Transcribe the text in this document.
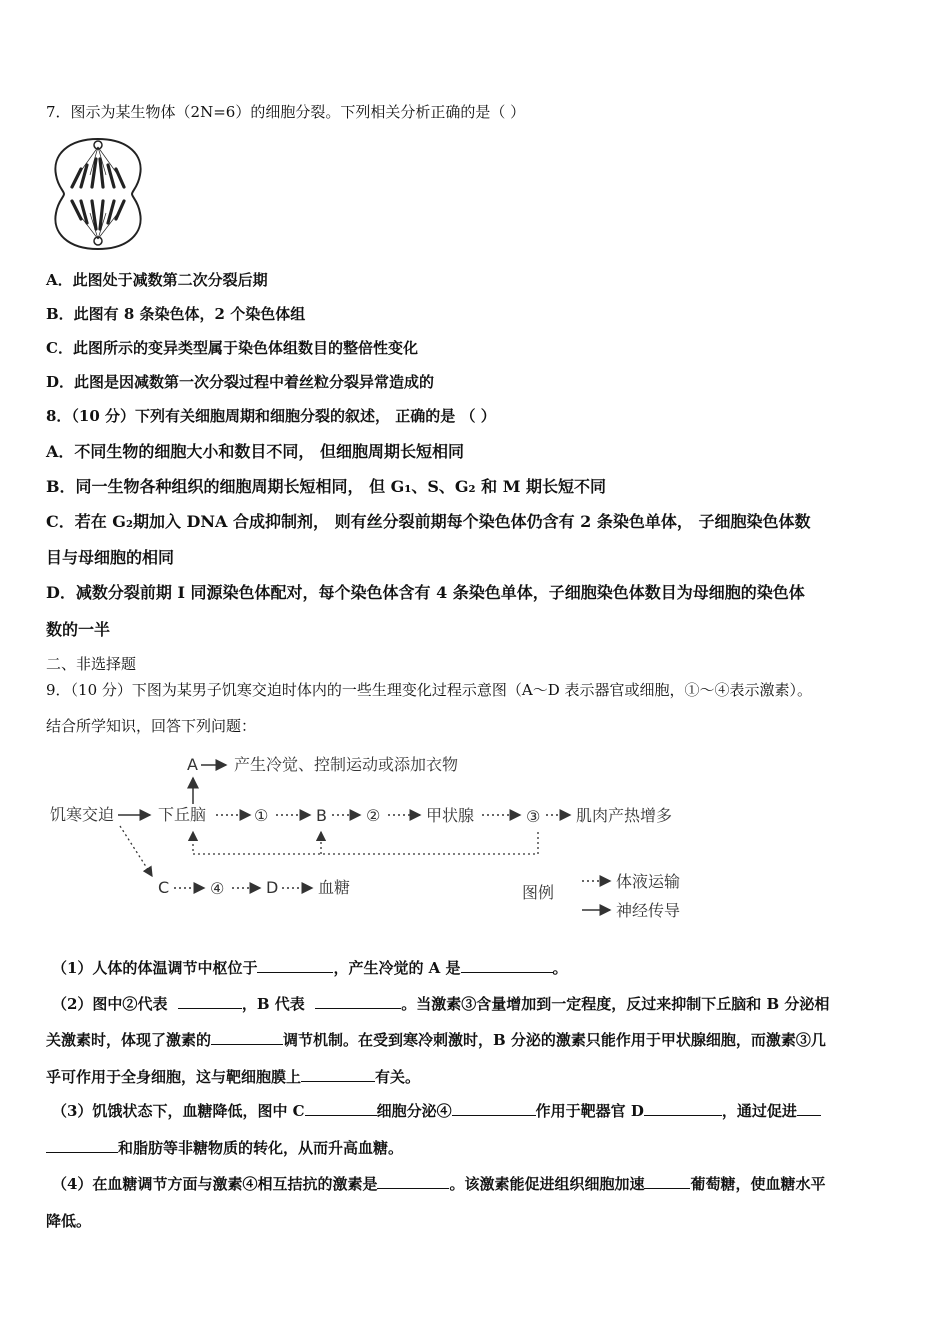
7．图示为某生物体（2N=6）的细胞分裂。下列相关分析正确的是（ ）
A．此图处于减数第二次分裂后期
B．此图有 8 条染色体，2 个染色体组
C．此图所示的变异类型属于染色体组数目的整倍性变化
D．此图是因减数第一次分裂过程中着丝粒分裂异常造成的
8．（10 分）下列有关细胞周期和细胞分裂的叙述， 正确的是 （ ）
A．不同生物的细胞大小和数目不同， 但细胞周期长短相同
B．同一生物各种组织的细胞周期长短相同， 但 G₁、S、G₂ 和 M 期长短不同
C．若在 G₂期加入 DNA 合成抑制剂， 则有丝分裂前期每个染色体仍含有 2 条染色单体， 子细胞染色体数
目与母细胞的相同
D．减数分裂前期 I 同源染色体配对，每个染色体含有 4 条染色单体，子细胞染色体数目为母细胞的染色体
数的一半
二、非选择题
9．（10 分）下图为某男子饥寒交迫时体内的一些生理变化过程示意图（A～D 表示器官或细胞，①～④表示激素）。
结合所学知识，回答下列问题：
A 产生冷觉、控制运动或添加衣物
饥寒交迫	下丘脑	①	B ②	甲状腺	③ 肌肉产热增多
C	④	D 血糖	图例
体液运输
神经传导
（1）人体的体温调节中枢位于	，产生冷觉的 A 是	。
（2）图中②代表	，B 代表	。当激素③含量增加到一定程度，反过来抑制下丘脑和 B 分泌相
关激素时，体现了激素的	调节机制。在受到寒冷刺激时，B 分泌的激素只能作用于甲状腺细胞，而激素③几
乎可作用于全身细胞，这与靶细胞膜上	有关。
（3）饥饿状态下，血糖降低，图中 C	细胞分泌④	作用于靶器官 D	，通过促进
和脂肪等非糖物质的转化，从而升高血糖。
（4）在血糖调节方面与激素④相互拮抗的激素是	。该激素能促进组织细胞加速	葡萄糖，使血糖水平
降低。
